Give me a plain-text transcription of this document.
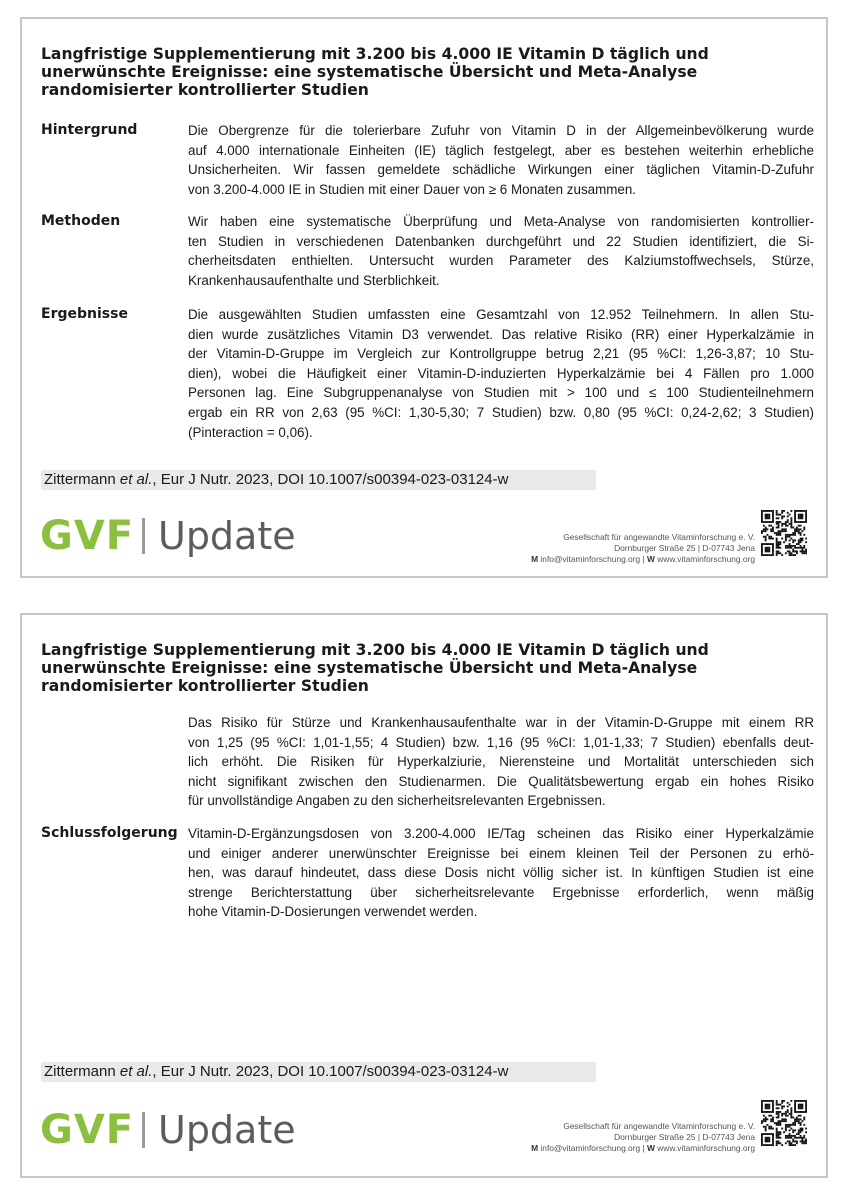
Langfristige Supplementierung mit 3.200 bis 4.000 IE Vitamin D täglich und unerwünschte Ereignisse: eine systematische Übersicht und Meta-Analyse randomisierter kontrollierter Studien
Hintergrund	Die Obergrenze für die tolerierbare Zufuhr von Vitamin D in der Allgemeinbevölkerung wurde
auf 4.000 internationale Einheiten (IE) täglich festgelegt, aber es bestehen weiterhin erhebliche
Unsicherheiten. Wir fassen gemeldete schädliche Wirkungen einer täglichen Vitamin-D-Zufuhr
von 3.200-4.000 IE in Studien mit einer Dauer von ≥ 6 Monaten zusammen.

Methoden	Wir haben eine systematische Überprüfung und Meta-Analyse von randomisierten kontrollier-
ten Studien in verschiedenen Datenbanken durchgeführt und 22 Studien identifiziert, die Si-
cherheitsdaten enthielten. Untersucht wurden Parameter des Kalziumstoffwechsels, Stürze,
Krankenhausaufenthalte und Sterblichkeit.

Ergebnisse	Die ausgewählten Studien umfassten eine Gesamtzahl von 12.952 Teilnehmern. In allen Stu-
dien wurde zusätzliches Vitamin D3 verwendet. Das relative Risiko (RR) einer Hyperkalzämie in
der Vitamin-D-Gruppe im Vergleich zur Kontrollgruppe betrug 2,21 (95 %CI: 1,26-3,87; 10 Stu-
dien), wobei die Häufigkeit einer Vitamin-D-induzierten Hyperkalzämie bei 4 Fällen pro 1.000
Personen lag. Eine Subgruppenanalyse von Studien mit > 100 und ≤ 100 Studienteilnehmern
ergab ein RR von 2,63 (95 %CI: 1,30-5,30; 7 Studien) bzw. 0,80 (95 %CI: 0,24-2,62; 3 Studien)
(Pinteraction = 0,06).

Zittermann et al., Eur J Nutr. 2023, DOI 10.1007/s00394-023-03124-w
GVF Update	Gesellschaft für angewandte Vitaminforschung e. V.
Dornburger Straße 25 | D-07743 Jena
M info@vitaminforschung.org | W www.vitaminforschung.org
Langfristige Supplementierung mit 3.200 bis 4.000 IE Vitamin D täglich und unerwünschte Ereignisse: eine systematische Übersicht und Meta-Analyse randomisierter kontrollierter Studien

Das Risiko für Stürze und Krankenhausaufenthalte war in der Vitamin-D-Gruppe mit einem RR
von 1,25 (95 %CI: 1,01-1,55; 4 Studien) bzw. 1,16 (95 %CI: 1,01-1,33; 7 Studien) ebenfalls deut-
lich erhöht. Die Risiken für Hyperkalziurie, Nierensteine und Mortalität unterschieden sich
nicht signifikant zwischen den Studienarmen. Die Qualitätsbewertung ergab ein hohes Risiko
für unvollständige Angaben zu den sicherheitsrelevanten Ergebnissen.

Schlussfolgerung Vitamin-D-Ergänzungsdosen von 3.200-4.000 IE/Tag scheinen das Risiko einer Hyperkalzämie
und einiger anderer unerwünschter Ereignisse bei einem kleinen Teil der Personen zu erhö-
hen, was darauf hindeutet, dass diese Dosis nicht völlig sicher ist. In künftigen Studien ist eine
strenge Berichterstattung über sicherheitsrelevante Ergebnisse erforderlich, wenn mäßig
hohe Vitamin-D-Dosierungen verwendet werden.

Zittermann et al., Eur J Nutr. 2023, DOI 10.1007/s00394-023-03124-w
GVF Update	Gesellschaft für angewandte Vitaminforschung e. V.
Dornburger Straße 25 | D-07743 Jena
M info@vitaminforschung.org | W www.vitaminforschung.org
